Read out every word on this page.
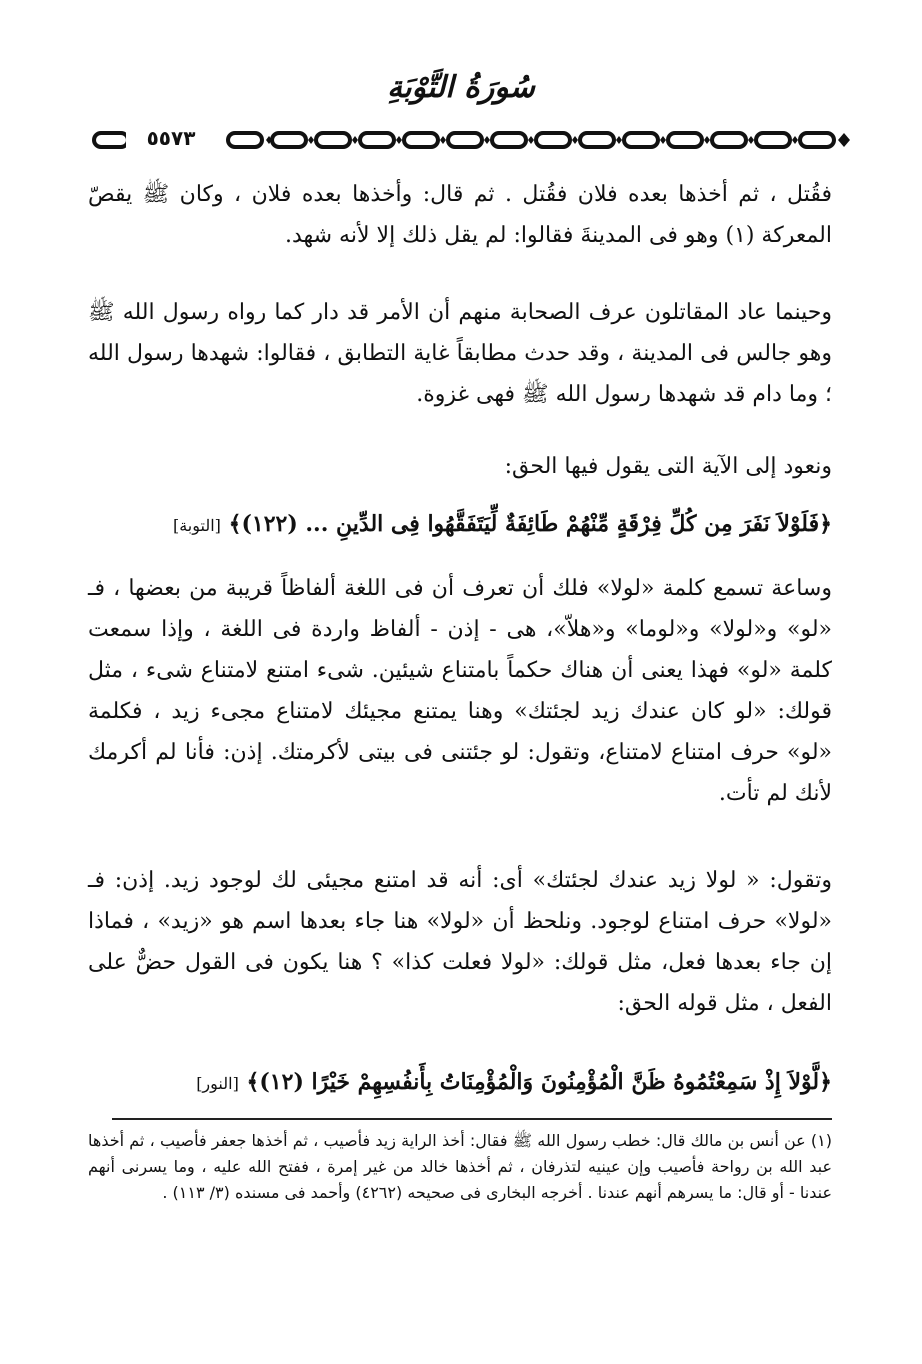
سُورَةُ التَّوْبَةِ
٥٥٧٣

فقُتل ، ثم أخذها بعده فلان فقُتل . ثم قال: وأخذها بعده فلان ، وكان ﷺ يقصّ المعركة (١) وهو فى المدينةَ فقالوا: لم يقل ذلك إلا لأنه شهد.

وحينما عاد المقاتلون عرف الصحابة منهم أن الأمر قد دار كما رواه رسول الله ﷺ وهو جالس فى المدينة ، وقد حدث مطابقاً غاية التطابق ، فقالوا: شهدها رسول الله ؛ وما دام قد شهدها رسول الله ﷺ فهى غزوة.

ونعود إلى الآية التى يقول فيها الحق:

﴿فَلَوْلاَ نَفَرَ مِن كُلِّ فِرْقَةٍ مِّنْهُمْ طَائِفَةٌ لِّيَتَفَقَّهُوا فِى الدِّينِ ... (١٢٢)﴾ [التوبة]

وساعة تسمع كلمة «لولا» فلك أن تعرف أن فى اللغة ألفاظاً قريبة من بعضها ، فـ «لو» و«لولا» و«لوما» و«هلاّ»، هى - إذن - ألفاظ واردة فى اللغة ، وإذا سمعت كلمة «لو» فهذا يعنى أن هناك حكماً بامتناع شيئين. شىء امتنع لامتناع شىء ، مثل قولك: «لو كان عندك زيد لجئتك» وهنا يمتنع مجيئك لامتناع مجىء زيد ، فكلمة «لو» حرف امتناع لامتناع، وتقول: لو جئتنى فى بيتى لأكرمتك. إذن: فأنا لم أكرمك لأنك لم تأت.

وتقول: « لولا زيد عندك لجئتك» أى: أنه قد امتنع مجيئى لك لوجود زيد. إذن: فـ «لولا» حرف امتناع لوجود. ونلحظ أن «لولا» هنا جاء بعدها اسم هو «زيد» ، فماذا إن جاء بعدها فعل، مثل قولك: «لولا فعلت كذا» ؟ هنا يكون فى القول حضٌّ على الفعل ، مثل قوله الحق:

﴿لَّوْلاَ إِذْ سَمِعْتُمُوهُ ظَنَّ الْمُؤْمِنُونَ وَالْمُؤْمِنَاتُ بِأَنفُسِهِمْ خَيْرًا (١٢)﴾ [النور]

(١) عن أنس بن مالك قال: خطب رسول الله ﷺ فقال: أخذ الراية زيد فأصيب ، ثم أخذها جعفر فأصيب ، ثم أخذها عبد الله بن رواحة فأصيب وإن عينيه لتذرفان ، ثم أخذها خالد من غير إمرة ، ففتح الله عليه ، وما يسرنى أنهم عندنا - أو قال: ما يسرهم أنهم عندنا . أخرجه البخارى فى صحيحه (٤٢٦٢) وأحمد فى مسنده (٣/ ١١٣) .
